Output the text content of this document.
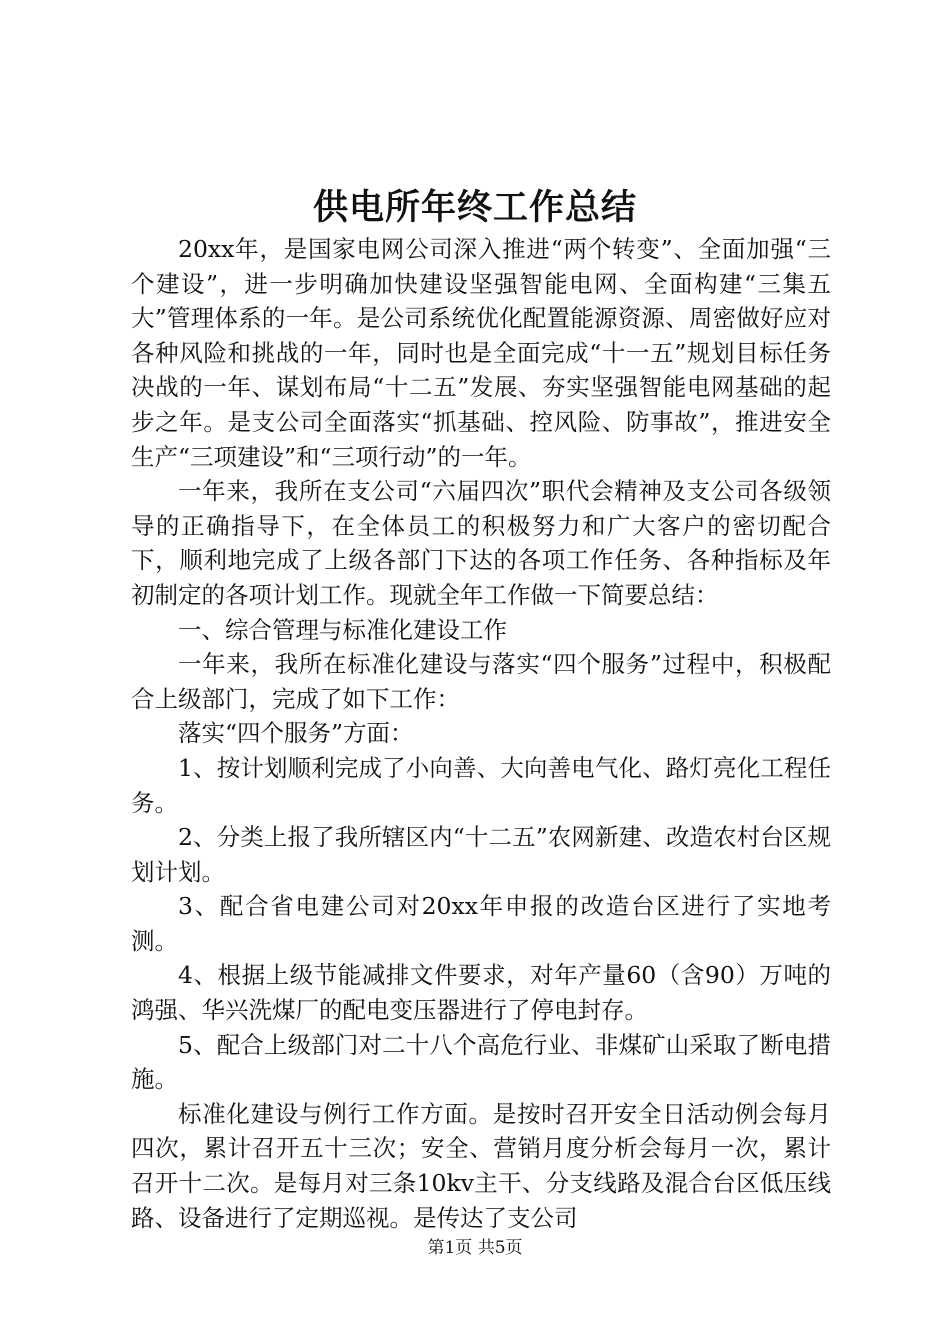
供电所年终工作总结

20xx年，是国家电网公司深入推进“两个转变”、全面加强“三个建设”，进一步明确加快建设坚强智能电网、全面构建“三集五大”管理体系的一年。是公司系统优化配置能源资源、周密做好应对各种风险和挑战的一年，同时也是全面完成“十一五”规划目标任务决战的一年、谋划布局“十二五”发展、夯实坚强智能电网基础的起步之年。是支公司全面落实“抓基础、控风险、防事故”，推进安全生产“三项建设”和“三项行动”的一年。

一年来，我所在支公司“六届四次”职代会精神及支公司各级领导的正确指导下，在全体员工的积极努力和广大客户的密切配合下，顺利地完成了上级各部门下达的各项工作任务、各种指标及年初制定的各项计划工作。现就全年工作做一下简要总结：

一、综合管理与标准化建设工作

一年来，我所在标准化建设与落实“四个服务”过程中，积极配合上级部门，完成了如下工作：

落实“四个服务”方面：

1、按计划顺利完成了小向善、大向善电气化、路灯亮化工程任务。

2、分类上报了我所辖区内“十二五”农网新建、改造农村台区规划计划。

3、配合省电建公司对20xx年申报的改造台区进行了实地考测。

4、根据上级节能减排文件要求，对年产量60（含90）万吨的鸿强、华兴洗煤厂的配电变压器进行了停电封存。

5、配合上级部门对二十八个高危行业、非煤矿山采取了断电措施。

标准化建设与例行工作方面。是按时召开安全日活动例会每月四次，累计召开五十三次；安全、营销月度分析会每月一次，累计召开十二次。是每月对三条10kv主干、分支线路及混合台区低压线路、设备进行了定期巡视。是传达了支公司

第1页 共5页
